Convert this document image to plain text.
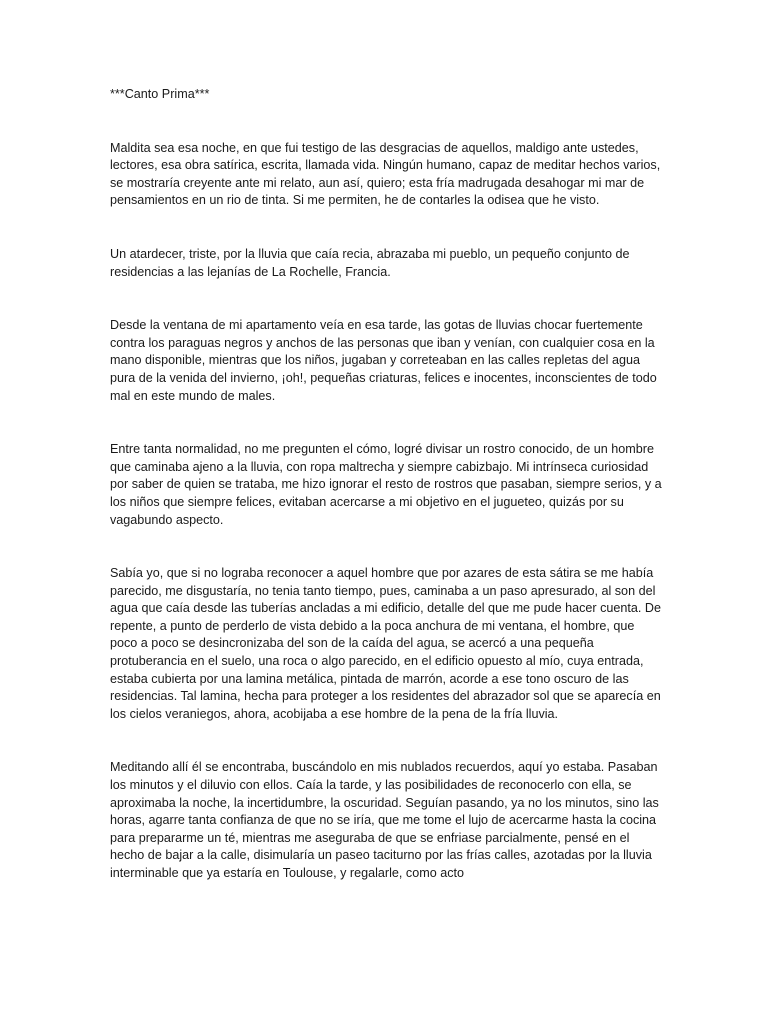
***Canto Prima***

Maldita sea esa noche, en que fui testigo de las desgracias de aquellos, maldigo ante ustedes, lectores, esa obra satírica, escrita, llamada vida. Ningún humano, capaz de meditar hechos varios, se mostraría creyente ante mi relato, aun así, quiero; esta fría madrugada desahogar mi mar de pensamientos en un rio de tinta. Si me permiten, he de contarles la odisea que he visto.

Un atardecer, triste, por la lluvia que caía recia, abrazaba mi pueblo, un pequeño conjunto de residencias a las lejanías de La Rochelle, Francia.

Desde la ventana de mi apartamento veía en esa tarde, las gotas de lluvias chocar fuertemente contra los paraguas negros y anchos de las personas que iban y venían, con cualquier cosa en la mano disponible, mientras que los niños, jugaban y correteaban en las calles repletas del agua pura de la venida del invierno, ¡oh!, pequeñas criaturas, felices e inocentes, inconscientes de todo mal en este mundo de males.

Entre tanta normalidad, no me pregunten el cómo, logré divisar un rostro conocido, de un hombre que caminaba ajeno a la lluvia, con ropa maltrecha y siempre cabizbajo. Mi intrínseca curiosidad por saber de quien se trataba, me hizo ignorar el resto de rostros que pasaban, siempre serios, y a los niños que siempre felices, evitaban acercarse a mi objetivo en el jugueteo, quizás por su vagabundo aspecto.

Sabía yo, que si no lograba reconocer a aquel hombre que por azares de esta sátira se me había parecido, me disgustaría, no tenia tanto tiempo, pues, caminaba a un paso apresurado, al son del agua que caía desde las tuberías ancladas a mi edificio, detalle del que me pude hacer cuenta. De repente, a punto de perderlo de vista debido a la poca anchura de mi ventana, el hombre, que poco a poco se desincronizaba del son de la caída del agua, se acercó a una pequeña protuberancia en el suelo, una roca o algo parecido, en el edificio opuesto al mío, cuya entrada, estaba cubierta por una lamina metálica, pintada de marrón, acorde a ese tono oscuro de las residencias. Tal lamina, hecha para proteger a los residentes del abrazador sol que se aparecía en los cielos veraniegos, ahora, acobijaba a ese hombre de la pena de la fría lluvia.

Meditando allí él se encontraba, buscándolo en mis nublados recuerdos, aquí yo estaba. Pasaban los minutos y el diluvio con ellos. Caía la tarde, y las posibilidades de reconocerlo con ella, se aproximaba la noche, la incertidumbre, la oscuridad. Seguían pasando, ya no los minutos, sino las horas, agarre tanta confianza de que no se iría, que me tome el lujo de acercarme hasta la cocina para prepararme un té, mientras me aseguraba de que se enfriase parcialmente, pensé en el hecho de bajar a la calle, disimularía un paseo taciturno por las frías calles, azotadas por la lluvia interminable que ya estaría en Toulouse, y regalarle, como acto
